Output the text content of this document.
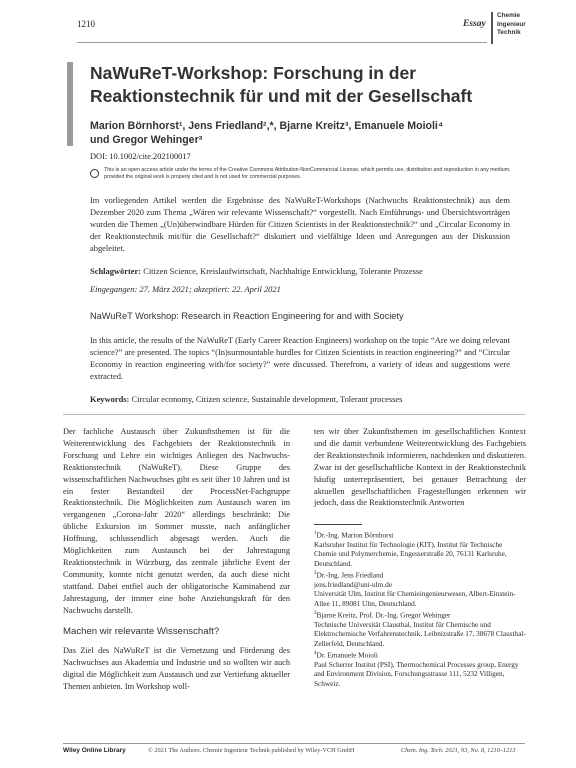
1210	Essay
Chemie
Ingenieur
Technik
NaWuReT-Workshop: Forschung in der Reaktionstechnik für und mit der Gesellschaft
Marion Börnhorst¹, Jens Friedland²,*, Bjarne Kreitz³, Emanuele Moioli⁴
und Gregor Wehinger³
DOI: 10.1002/cite.202100017
This is an open access article under the terms of the Creative Commons Attribution-NonCommercial License, which permits use, distribution and reproduction in any medium, provided the original work is properly cited and is not used for commercial purposes.
Im vorliegenden Artikel werden die Ergebnisse des NaWuReT-Workshops (Nachwuchs Reaktionstechnik) aus dem Dezember 2020 zum Thema „Wären wir relevante Wissenschaft?“ vorgestellt. Nach Einführungs- und Übersichtsvorträgen wurden die Themen „(Un)überwindbare Hürden für Citizen Scientists in der Reaktionstechnik?“ und „Circular Economy in der Reaktionstechnik mit/für die Gesellschaft?“ diskutiert und vielfältige Ideen und Anregungen aus der Diskussion abgeleitet.
Schlagwörter: Citizen Science, Kreislaufwirtschaft, Nachhaltige Entwicklung, Tolerante Prozesse
Eingegangen: 27. März 2021; akzeptiert: 22. April 2021
NaWuReT Workshop: Research in Reaction Engineering for and with Society
In this article, the results of the NaWuReT (Early Career Reaction Engineers) workshop on the topic “Are we doing relevant science?” are presented. The topics “(In)surmountable hurdles for Citizen Scientists in reaction engineering?” and “Circular Economy in reaction engineering with/for society?” were discussed. Therefrom, a variety of ideas and suggestions were extracted.
Keywords: Circular economy, Citizen science, Sustainable development, Tolerant processes
Der fachliche Austausch über Zukunftsthemen ist für die Weiterentwicklung des Fachgebiets der Reaktionstechnik in Forschung und Lehre ein wichtiges Anliegen des Nachwuchs-Reaktionstechnik (NaWuReT). Diese Gruppe des wissenschaftlichen Nachwuchses gibt es seit über 10 Jahren und ist ein fester Bestandteil der ProcessNet-Fachgruppe Reaktionstechnik. Die Möglichkeiten zum Austausch waren im vergangenen „Corona-Jahr 2020“ allerdings beschränkt: Die übliche Exkursion im Sommer musste, nach anfänglicher Hoffnung, schlussendlich abgesagt werden. Auch die Möglichkeiten zum Austausch bei der Jahrestagung Reaktionstechnik in Würzburg, das zentrale jährliche Event der Community, konnte nicht genutzt werden, da auch diese nicht stattfand. Dabei entfiel auch der obligatorische Kaminabend zur Jahrestagung, der immer eine hohe Anziehungskraft für den Nachwuchs darstellt.
Machen wir relevante Wissenschaft?
Das Ziel des NaWuReT ist die Vernetzung und Förderung des Nachwuchses aus Akademia und Industrie und so wollten wir auch digital die Möglichkeit zum Austausch und zur Vertiefung aktueller Themen anbieten. Im Workshop woll-
ten wir über Zukunftsthemen im gesellschaftlichen Kontext und die damit verbundene Weiterentwicklung des Fachgebiets der Reaktionstechnik informieren, nachdenken und diskutieren. Zwar ist der gesellschaftliche Kontext in der Reaktionstechnik häufig unterrepräsentiert, bei genauer Betrachtung der aktuellen gesellschaftlichen Fragestellungen erkennen wir jedoch, dass die Reaktionstechnik Antworten
$^1$Dr.-Ing. Marion Börnhorst
Karlsruher Institut für Technologie (KIT), Institut für Technische Chemie und Polymerchemie, Engesserstraße 20, 76131 Karlsruhe, Deutschland.
$^2$Dr.-Ing. Jens Friedland
jens.friedland@uni-ulm.de
Universität Ulm, Institut für Chemieingenieurwesen, Albert-Einstein-Allee 11, 89081 Ulm, Deutschland.
$^3$Bjarne Kreitz, Prof. Dr.-Ing. Gregor Wehinger
Technische Universität Clausthal, Institut für Chemische und Elektrochemische Verfahrenstechnik, Leibnizstraße 17, 38678 Clausthal-Zellerfeld, Deutschland.
$^4$Dr. Emanuele Moioli
Paul Scherrer Institut (PSI), Thermochemical Processes group, Energy and Environment Division, Forschungsstrasse 111, 5232 Villigen, Schweiz.
Wiley Online Library	© 2021 The Authors. Chemie Ingenieur Technik published by Wiley-VCH GmbH	Chem. Ing. Tech. 2021, 93, No. 8, 1210–1213
